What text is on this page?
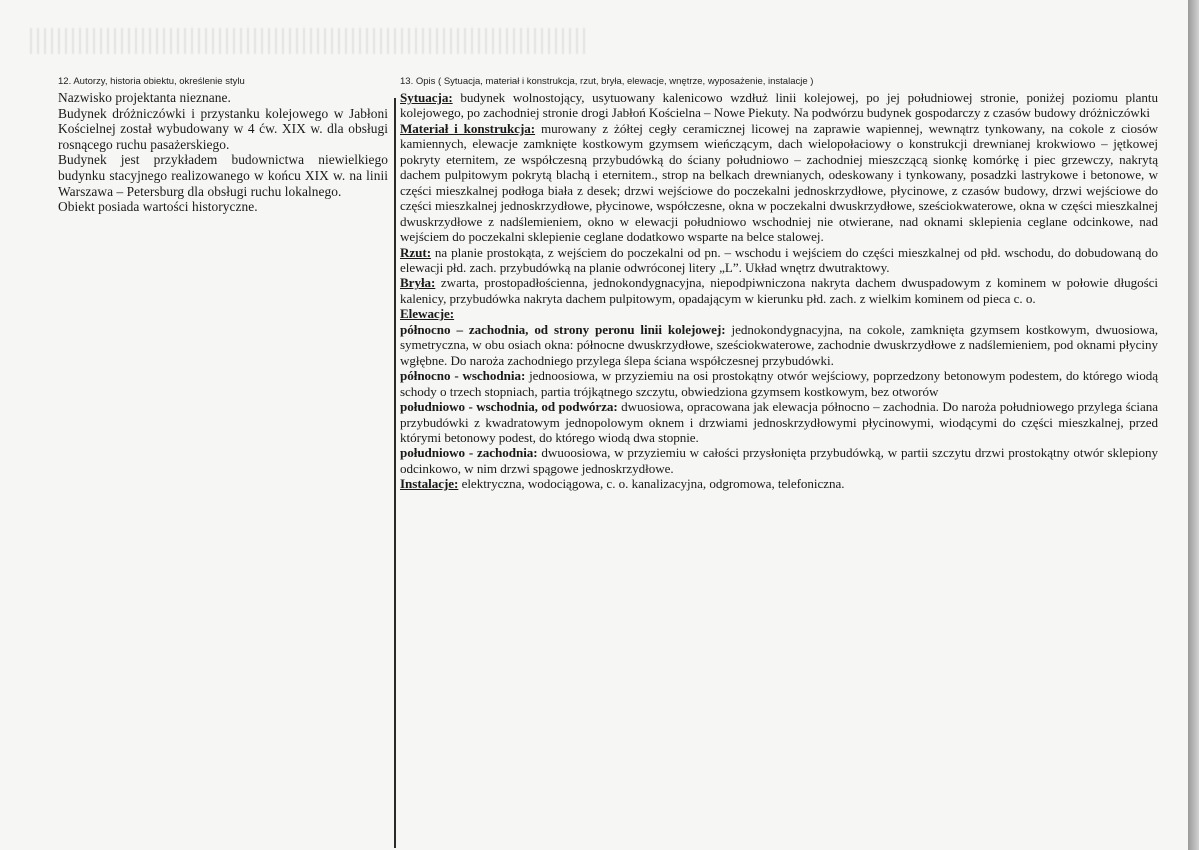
12. Autorzy, historia obiektu, określenie stylu

Nazwisko projektanta nieznane.

Budynek dróżniczówki i przystanku kolejowego w Jabłoni Kościelnej został wybudowany w 4 ćw. XIX w. dla obsługi rosnącego ruchu pasażerskiego.

Budynek jest przykładem budownictwa niewielkiego budynku stacyjnego realizowanego w końcu XIX w. na linii Warszawa – Petersburg dla obsługi ruchu lokalnego.

Obiekt posiada wartości historyczne.

13. Opis ( Sytuacja, materiał i konstrukcja, rzut, bryła, elewacje, wnętrze, wyposażenie, instalacje )

Sytuacja: budynek wolnostojący, usytuowany kalenicowo wzdłuż linii kolejowej, po jej południowej stronie, poniżej poziomu plantu kolejowego, po zachodniej stronie drogi Jabłoń Kościelna – Nowe Piekuty. Na podwórzu budynek gospodarczy z czasów budowy dróżniczówki

Materiał i konstrukcja: murowany z żółtej cegły ceramicznej licowej na zaprawie wapiennej, wewnątrz tynkowany, na cokole z ciosów kamiennych, elewacje zamknięte kostkowym gzymsem wieńczącym, dach wielopołaciowy o konstrukcji drewnianej krokwiowo – jętkowej pokryty eternitem, ze współczesną przybudówką do ściany południowo – zachodniej mieszczącą sionkę komórkę i piec grzewczy, nakrytą dachem pulpitowym pokrytą blachą i eternitem., strop na belkach drewnianych, odeskowany i tynkowany, posadzki lastrykowe i betonowe, w części mieszkalnej podłoga biała z desek; drzwi wejściowe do poczekalni jednoskrzydłowe, płycinowe, z czasów budowy, drzwi wejściowe do części mieszkalnej jednoskrzydłowe, płycinowe, współczesne, okna w poczekalni dwuskrzydłowe, sześciokwaterowe, okna w części mieszkalnej dwuskrzydłowe z nadślemieniem, okno w elewacji południowo wschodniej nie otwierane, nad oknami sklepienia ceglane odcinkowe, nad wejściem do poczekalni sklepienie ceglane dodatkowo wsparte na belce stalowej.

Rzut: na planie prostokąta, z wejściem do poczekalni od pn. – wschodu i wejściem do części mieszkalnej od płd. wschodu, do dobudowaną do elewacji płd. zach. przybudówką na planie odwróconej litery „L”. Układ wnętrz dwutraktowy.

Bryła: zwarta, prostopadłościenna, jednokondygnacyjna, niepodpiwniczona nakryta dachem dwuspadowym z kominem w połowie długości kalenicy, przybudówka nakryta dachem pulpitowym, opadającym w kierunku płd. zach. z wielkim kominem od pieca c. o.

Elewacje:

północno – zachodnia, od strony peronu linii kolejowej: jednokondygnacyjna, na cokole, zamknięta gzymsem kostkowym, dwuosiowa, symetryczna, w obu osiach okna: północne dwuskrzydłowe, sześciokwaterowe, zachodnie dwuskrzydłowe z nadślemieniem, pod oknami płyciny wgłębne. Do naroża zachodniego przylega ślepa ściana współczesnej przybudówki.

północno - wschodnia: jednoosiowa, w przyziemiu na osi prostokątny otwór wejściowy, poprzedzony betonowym podestem, do którego wiodą schody o trzech stopniach, partia trójkątnego szczytu, obwiedziona gzymsem kostkowym, bez otworów

południowo - wschodnia, od podwórza: dwuosiowa, opracowana jak elewacja północno – zachodnia. Do naroża południowego przylega ściana przybudówki z kwadratowym jednopolowym oknem i drzwiami jednoskrzydłowymi płycinowymi, wiodącymi do części mieszkalnej, przed którymi betonowy podest, do którego wiodą dwa stopnie.

południowo - zachodnia: dwuoosiowa, w przyziemiu w całości przysłonięta przybudówką, w partii szczytu drzwi prostokątny otwór sklepiony odcinkowo, w nim drzwi spągowe jednoskrzydłowe.

Instalacje: elektryczna, wodociągowa, c. o. kanalizacyjna, odgromowa, telefoniczna.
